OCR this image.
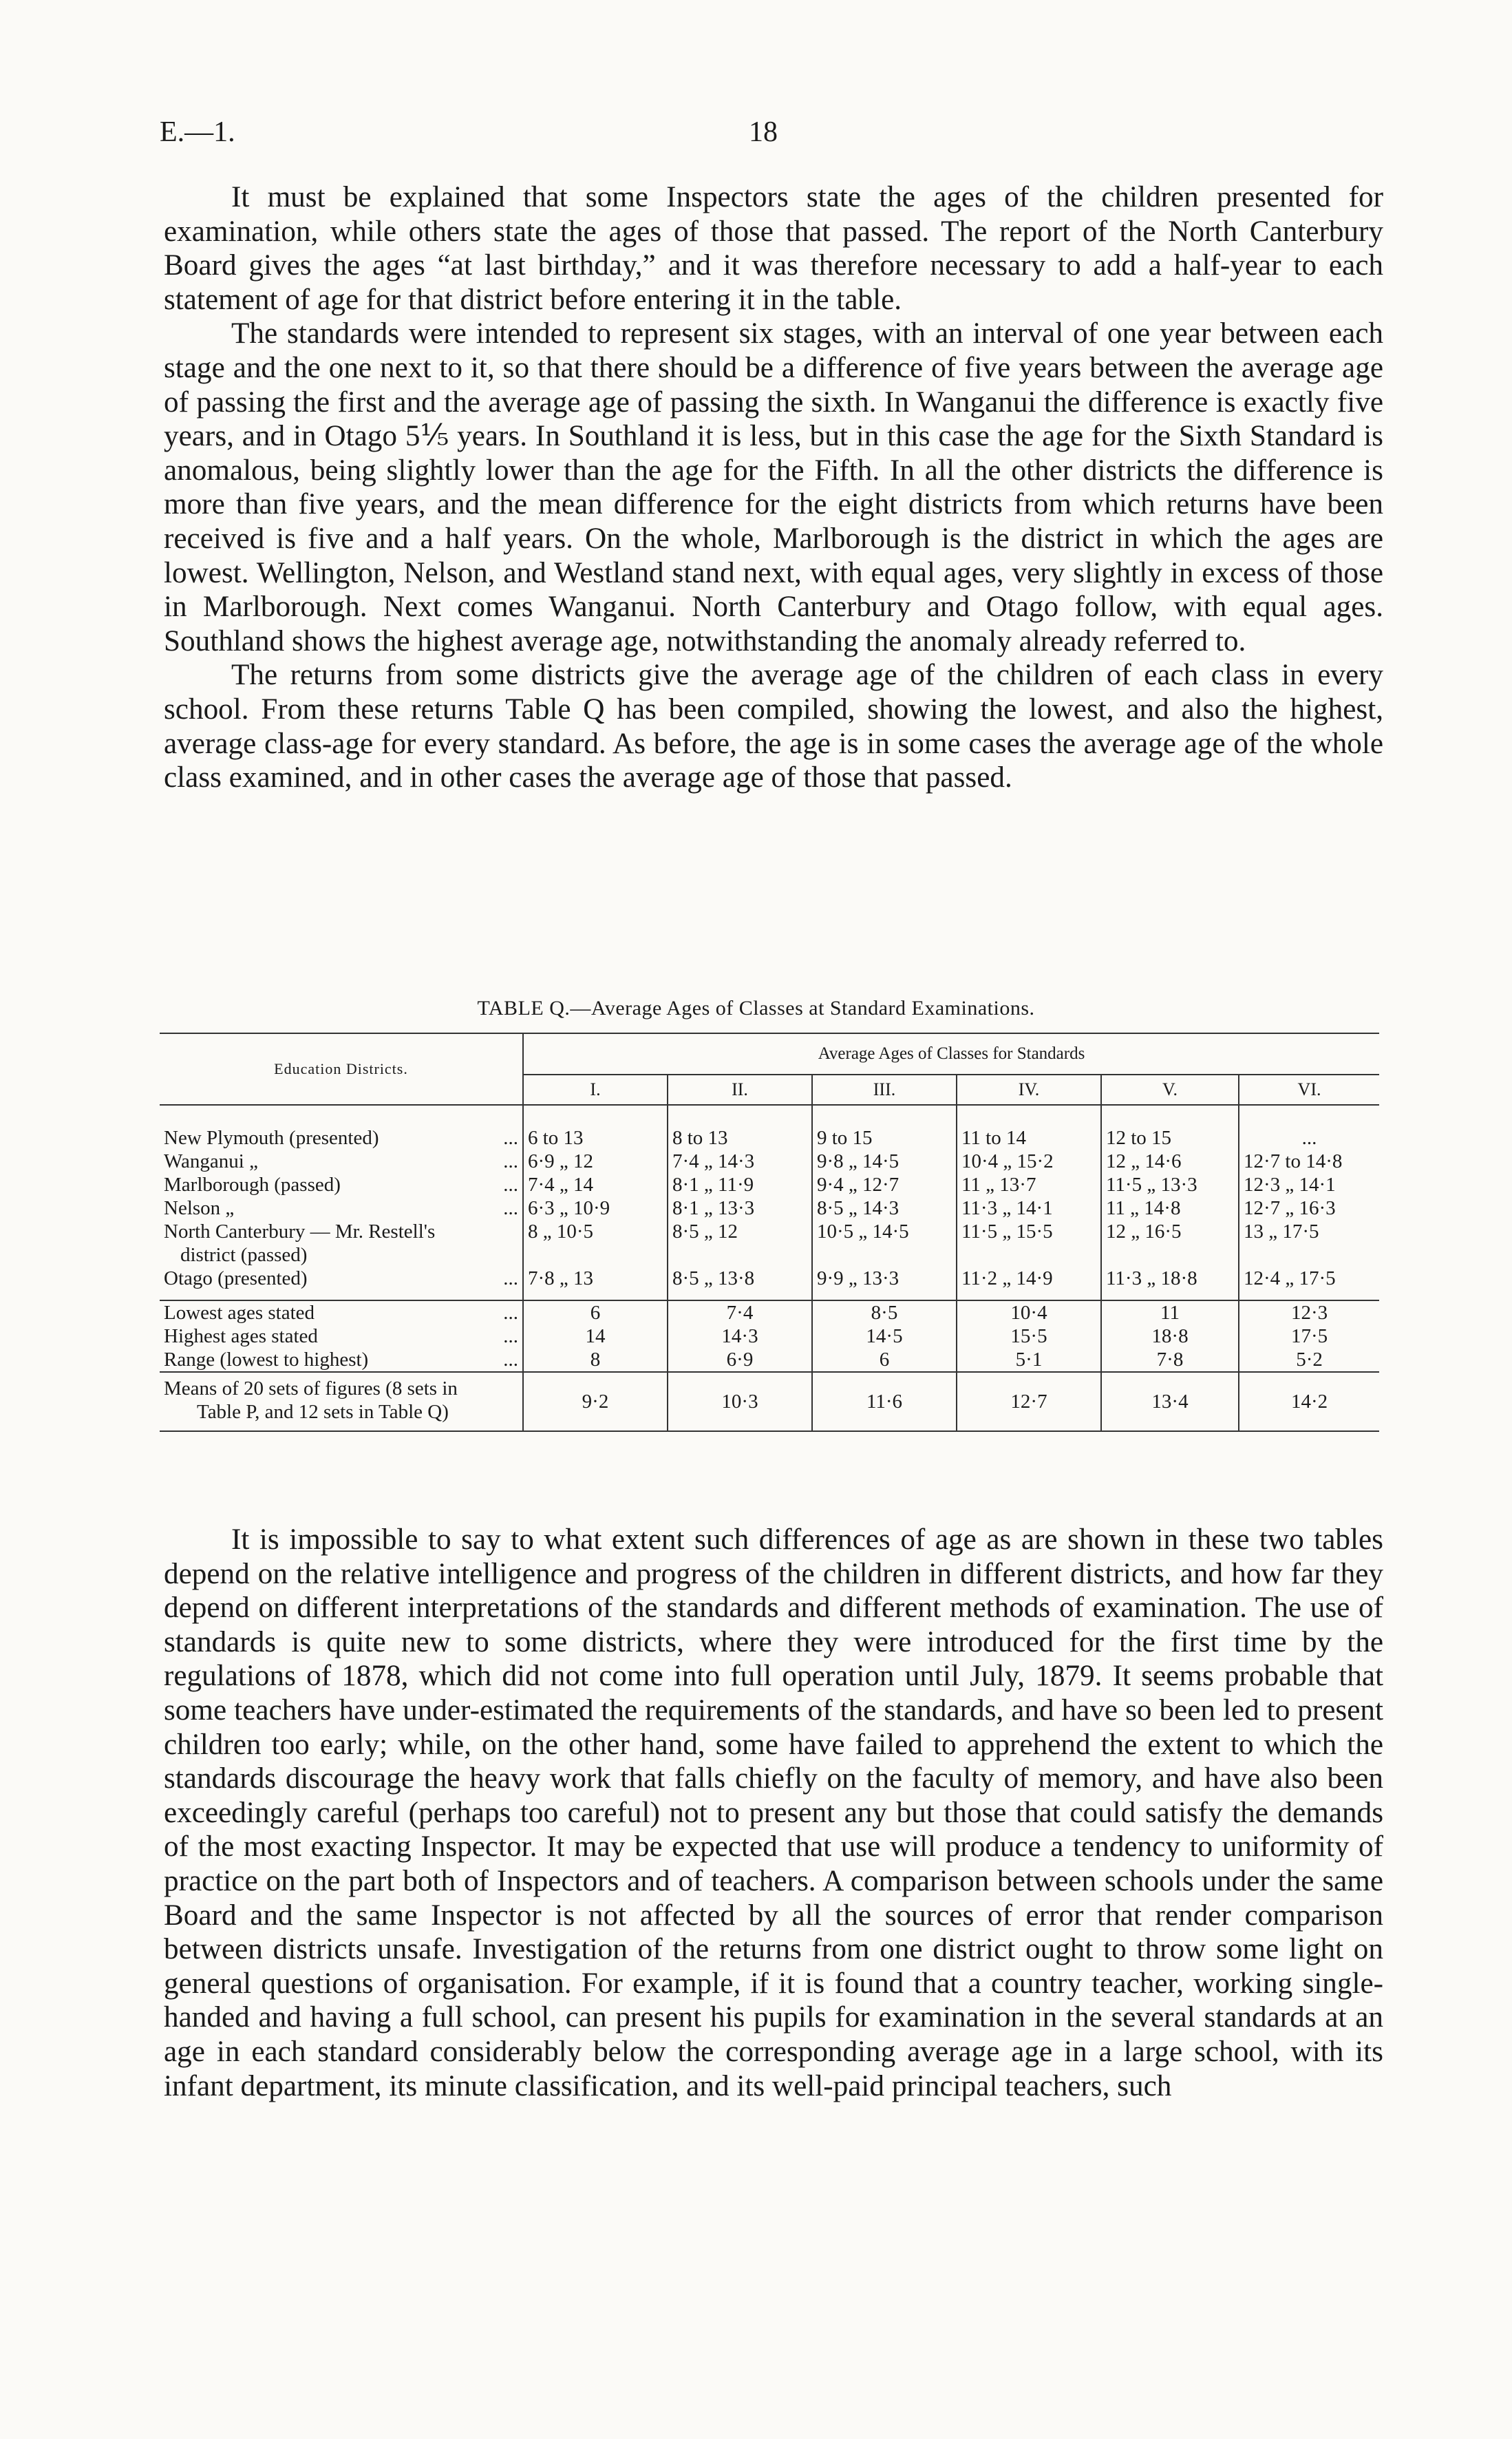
E.—1.	18

It must be explained that some Inspectors state the ages of the children presented for examination, while others state the ages of those that passed. The report of the North Canterbury Board gives the ages “at last birthday,” and it was therefore necessary to add a half-year to each statement of age for that district before entering it in the table.

The standards were intended to represent six stages, with an interval of one year between each stage and the one next to it, so that there should be a difference of five years between the average age of passing the first and the average age of passing the sixth. In Wanganui the difference is exactly five years, and in Otago 5⅕ years. In Southland it is less, but in this case the age for the Sixth Standard is anomalous, being slightly lower than the age for the Fifth. In all the other districts the difference is more than five years, and the mean difference for the eight districts from which returns have been received is five and a half years. On the whole, Marlborough is the district in which the ages are lowest. Wellington, Nelson, and Westland stand next, with equal ages, very slightly in excess of those in Marlborough. Next comes Wanganui. North Canterbury and Otago follow, with equal ages. Southland shows the highest average age, notwithstanding the anomaly already referred to.

The returns from some districts give the average age of the children of each class in every school. From these returns Table Q has been compiled, showing the lowest, and also the highest, average class-age for every standard. As before, the age is in some cases the average age of the whole class examined, and in other cases the average age of those that passed.

TABLE Q.—Average Ages of Classes at Standard Examinations.
Education Districts.	Average Ages of Classes for Standards					
	I.	II.	III.	IV.	V.	VI.

New Plymouth (presented) ...	6 to 13	8 to 13	9 to 15	11 to 14	12 to 15	...
Wanganui „ ...	6·9 „ 12	7·4 „ 14·3	9·8 „ 14·5	10·4 „ 15·2	12 „ 14·6	12·7 to 14·8
Marlborough (passed) ...	7·4 „ 14	8·1 „ 11·9	9·4 „ 12·7	11 „ 13·7	11·5 „ 13·3	12·3 „ 14·1
Nelson „ ...	6·3 „ 10·9	8·1 „ 13·3	8·5 „ 14·3	11·3 „ 14·1	11 „ 14·8	12·7 „ 16·3
North Canterbury — Mr. Restell's	8 „ 10·5	8·5 „ 12	10·5 „ 14·5	11·5 „ 15·5	12 „ 16·5	13 „ 17·5
district (passed)						
Otago (presented) ...	7·8 „ 13	8·5 „ 13·8	9·9 „ 13·3	11·2 „ 14·9	11·3 „ 18·8	12·4 „ 17·5

Lowest ages stated ...	6	7·4	8·5	10·4	11	12·3
Highest ages stated ...	14	14·3	14·5	15·5	18·8	17·5
Range (lowest to highest) ...	8	6·9	6	5·1	7·8	5·2

Means of 20 sets of figures (8 sets in
Table P, and 12 sets in Table Q)	9·2	10·3	11·6	12·7	13·4	14·2

It is impossible to say to what extent such differences of age as are shown in these two tables depend on the relative intelligence and progress of the children in different districts, and how far they depend on different interpretations of the standards and different methods of examination. The use of standards is quite new to some districts, where they were introduced for the first time by the regulations of 1878, which did not come into full operation until July, 1879. It seems probable that some teachers have under-estimated the requirements of the standards, and have so been led to present children too early; while, on the other hand, some have failed to apprehend the extent to which the standards discourage the heavy work that falls chiefly on the faculty of memory, and have also been exceedingly careful (perhaps too careful) not to present any but those that could satisfy the demands of the most exacting Inspector. It may be expected that use will produce a tendency to uniformity of practice on the part both of Inspectors and of teachers. A comparison between schools under the same Board and the same Inspector is not affected by all the sources of error that render comparison between districts unsafe. Investigation of the returns from one district ought to throw some light on general questions of organisation. For example, if it is found that a country teacher, working single-handed and having a full school, can present his pupils for examination in the several standards at an age in each standard considerably below the corresponding average age in a large school, with its infant department, its minute classification, and its well-paid principal teachers, such
